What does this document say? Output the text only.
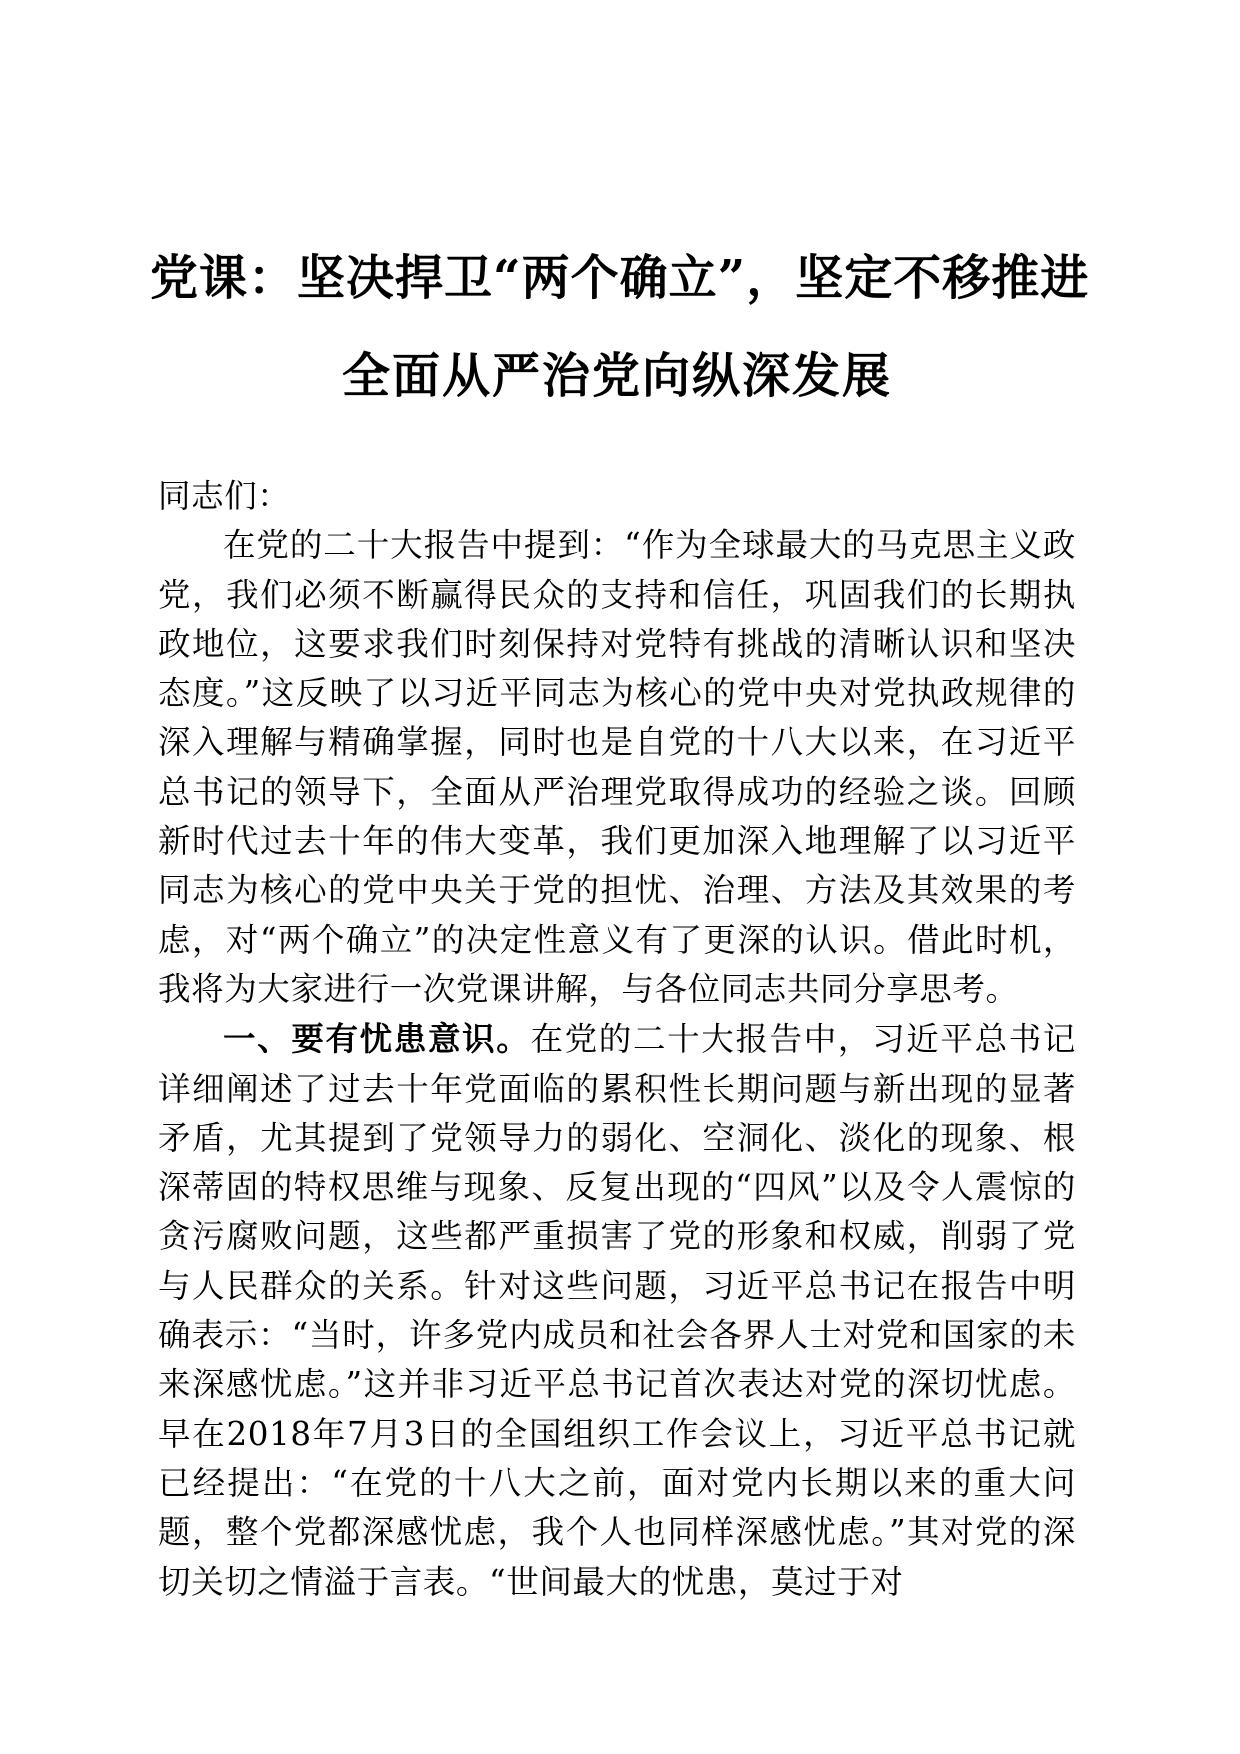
党课：坚决捍卫“两个确立”，坚定不移推进
全面从严治党向纵深发展

同志们：

在党的二十大报告中提到：“作为全球最大的马克思主义政党，我们必须不断赢得民众的支持和信任，巩固我们的长期执政地位，这要求我们时刻保持对党特有挑战的清晰认识和坚决态度。”这反映了以习近平同志为核心的党中央对党执政规律的深入理解与精确掌握，同时也是自党的十八大以来，在习近平总书记的领导下，全面从严治理党取得成功的经验之谈。回顾新时代过去十年的伟大变革，我们更加深入地理解了以习近平同志为核心的党中央关于党的担忧、治理、方法及其效果的考虑，对“两个确立”的决定性意义有了更深的认识。借此时机，我将为大家进行一次党课讲解，与各位同志共同分享思考。

一、要有忧患意识。在党的二十大报告中，习近平总书记详细阐述了过去十年党面临的累积性长期问题与新出现的显著矛盾，尤其提到了党领导力的弱化、空洞化、淡化的现象、根深蒂固的特权思维与现象、反复出现的“四风”以及令人震惊的贪污腐败问题，这些都严重损害了党的形象和权威，削弱了党与人民群众的关系。针对这些问题，习近平总书记在报告中明确表示：“当时，许多党内成员和社会各界人士对党和国家的未来深感忧虑。”这并非习近平总书记首次表达对党的深切忧虑。早在2018年7月3日的全国组织工作会议上，习近平总书记就已经提出：“在党的十八大之前，面对党内长期以来的重大问题，整个党都深感忧虑，我个人也同样深感忧虑。”其对党的深切关切之情溢于言表。“世间最大的忧患，莫过于对
